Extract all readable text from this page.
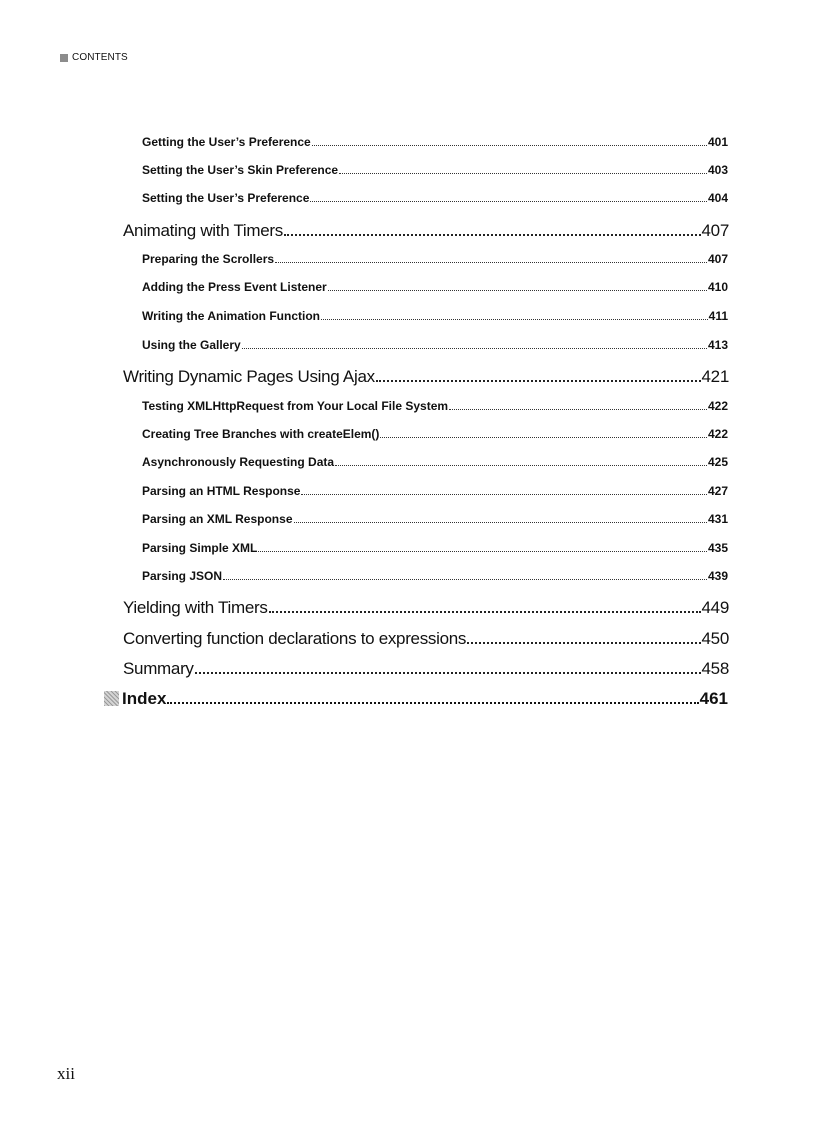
CONTENTS
Getting the User’s Preference	401
Setting the User’s Skin Preference	403
Setting the User’s Preference	404
Animating with Timers	407
Preparing the Scrollers	407
Adding the Press Event Listener	410
Writing the Animation Function	411
Using the Gallery	413
Writing Dynamic Pages Using Ajax	421
Testing XMLHttpRequest from Your Local File System	422
Creating Tree Branches with createElem()	422
Asynchronously Requesting Data	425
Parsing an HTML Response	427
Parsing an XML Response	431
Parsing Simple XML	435
Parsing JSON	439
Yielding with Timers	449
Converting function declarations to expressions	450
Summary	458
Index	461
xii
